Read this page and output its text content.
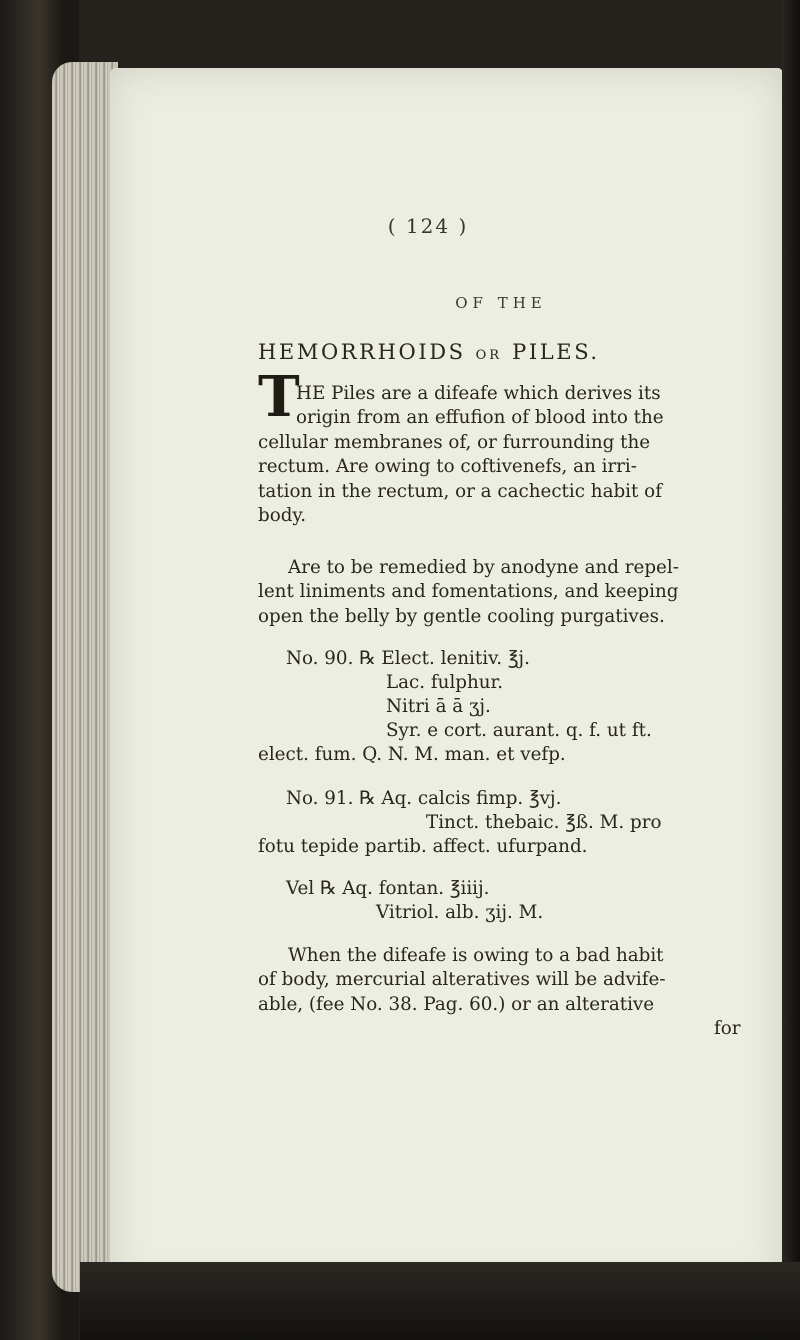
( 124 )
OF THE
HEMORRHOIDS OR PILES.
T
HE Piles are a difeafe which derives its
origin from an effufion of blood into the
cellular membranes of, or furrounding the
rectum. Are owing to coftivenefs, an irri-
tation in the rectum, or a cachectic habit of
body.
Are to be remedied by anodyne and repel-
lent liniments and fomentations, and keeping
open the belly by gentle cooling purgatives.
No. 90. ℞ Elect. lenitiv. ℥j.
Lac. fulphur.
Nitri ā ā ʒj.
Syr. e cort. aurant. q. f. ut ft.
elect. fum. Q. N. M. man. et vefp.
No. 91. ℞ Aq. calcis fimp. ℥vj.
Tinct. thebaic. ℥ß. M. pro
fotu tepide partib. affect. ufurpand.
Vel ℞ Aq. fontan. ℥iiij.
Vitriol. alb. ʒij. M.
When the difeafe is owing to a bad habit
of body, mercurial alteratives will be advife-
able, (fee No. 38. Pag. 60.) or an alterative
for
